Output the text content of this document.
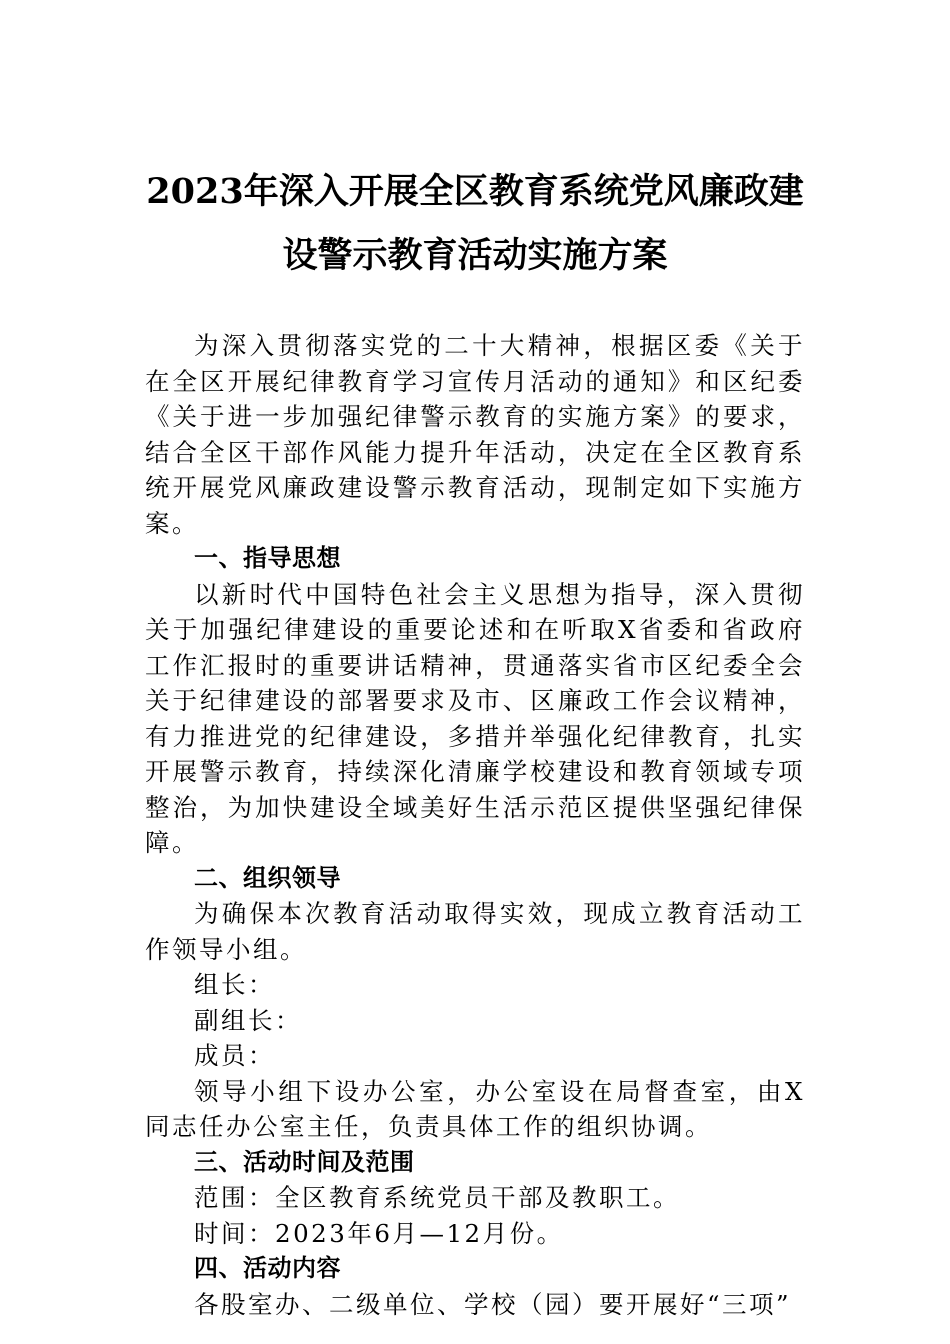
2023年深入开展全区教育系统党风廉政建
设警示教育活动实施方案

为深入贯彻落实党的二十大精神，根据区委《关于在全区开展纪律教育学习宣传月活动的通知》和区纪委《关于进一步加强纪律警示教育的实施方案》的要求，结合全区干部作风能力提升年活动，决定在全区教育系统开展党风廉政建设警示教育活动，现制定如下实施方案。

一、指导思想

以新时代中国特色社会主义思想为指导，深入贯彻关于加强纪律建设的重要论述和在听取X省委和省政府工作汇报时的重要讲话精神，贯通落实省市区纪委全会关于纪律建设的部署要求及市、区廉政工作会议精神，有力推进党的纪律建设，多措并举强化纪律教育，扎实开展警示教育，持续深化清廉学校建设和教育领域专项整治，为加快建设全域美好生活示范区提供坚强纪律保障。

二、组织领导

为确保本次教育活动取得实效，现成立教育活动工作领导小组。

组长：

副组长：

成员：

领导小组下设办公室，办公室设在局督查室，由X同志任办公室主任，负责具体工作的组织协调。

三、活动时间及范围

范围：全区教育系统党员干部及教职工。

时间：2023年6月—12月份。

四、活动内容

各股室办、二级单位、学校（园）要开展好“三项”
